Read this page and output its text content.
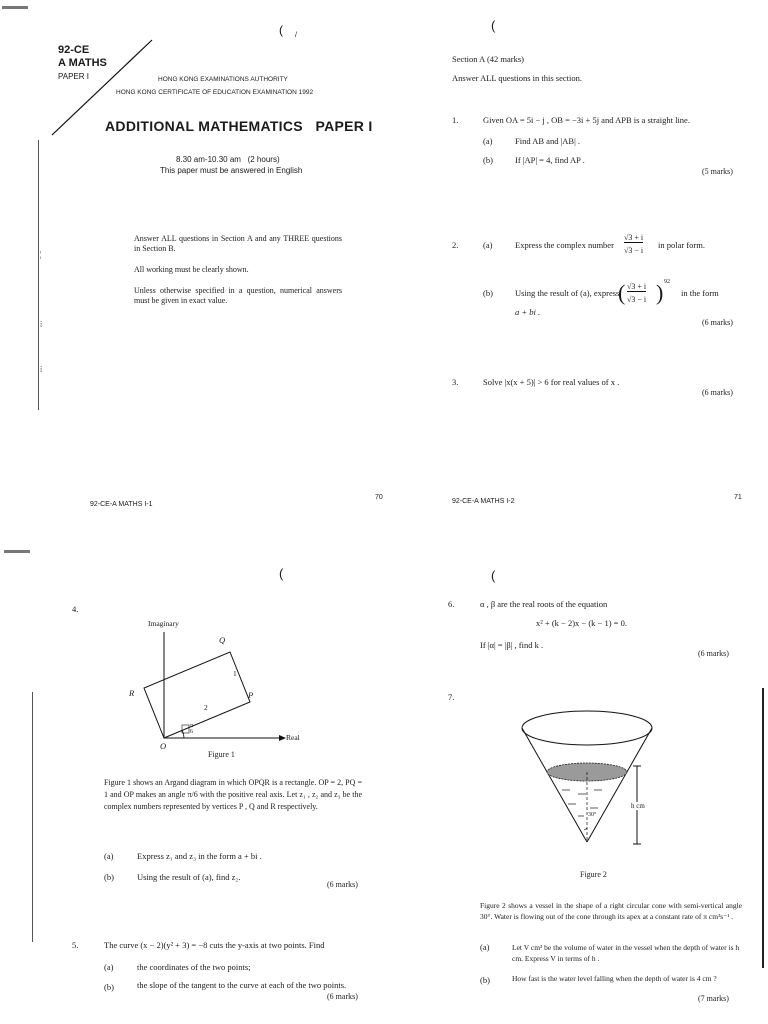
¦
⁞
⁞
92-CE
A MATHS
PAPER I
( /
HONG KONG EXAMINATIONS AUTHORITY
HONG KONG CERTIFICATE OF EDUCATION EXAMINATION 1992
ADDITIONAL MATHEMATICS   PAPER I
8.30 am-10.30 am   (2 hours)
This paper must be answered in English
Answer ALL questions in Section A and any THREE questions in Section B.
All working must be clearly shown.
Unless otherwise specified in a question, numerical answers must be given in exact value.
92-CE-A MATHS I-1
70
(
Section A (42 marks)
Answer ALL questions in this section.
1.	Given OA = 5i − j , OB = −3i + 5j and APB is a straight line.
(a)	Find AB and |AB| .
(b)	If |AP| = 4, find AP .
(5 marks)
2.	(a)	Express the complex number
√3 + i
√3 − i
in polar form.
(b)	Using the result of (a), express
( √3 + i
√3 − i ) 92
in the form
a + bi .
(6 marks)
3.	Solve |x(x + 5)| > 6 for real values of x .
(6 marks)
92-CE-A MATHS I-2
71
(
4.
Imaginary
Real
Q
R	P
O
1
2
π
6
Figure 1
Figure 1 shows an Argand diagram in which OPQR is a rectangle. OP = 2, PQ = 1 and OP makes an angle π/6 with the positive real axis. Let z₁ , z₂ and z₃ be the complex numbers represented by vertices P , Q and R respectively.
(a)	Express z₁ and z₃ in the form a + bi .
(b)	Using the result of (a), find z₂.
(6 marks)
5.	The curve (x − 2)(y² + 3) = −8 cuts the y-axis at two points. Find
(a)	the coordinates of the two points;
(b)	the slope of the tangent to the curve at each of the two points.
(6 marks)
(
6.	α , β are the real roots of the equation
x² + (k − 2)x − (k − 1) = 0.
If |α| = |β| , find k .
(6 marks)
7.
h cm
30°
Figure 2
Figure 2 shows a vessel in the shape of a right circular cone with semi-vertical angle 30°. Water is flowing out of the cone through its apex at a constant rate of π cm³s⁻¹ .
(a)	Let V cm³ be the volume of water in the vessel when the depth of water is h cm. Express V in terms of h .
(b)	How fast is the water level falling when the depth of water is 4 cm ?
(7 marks)
